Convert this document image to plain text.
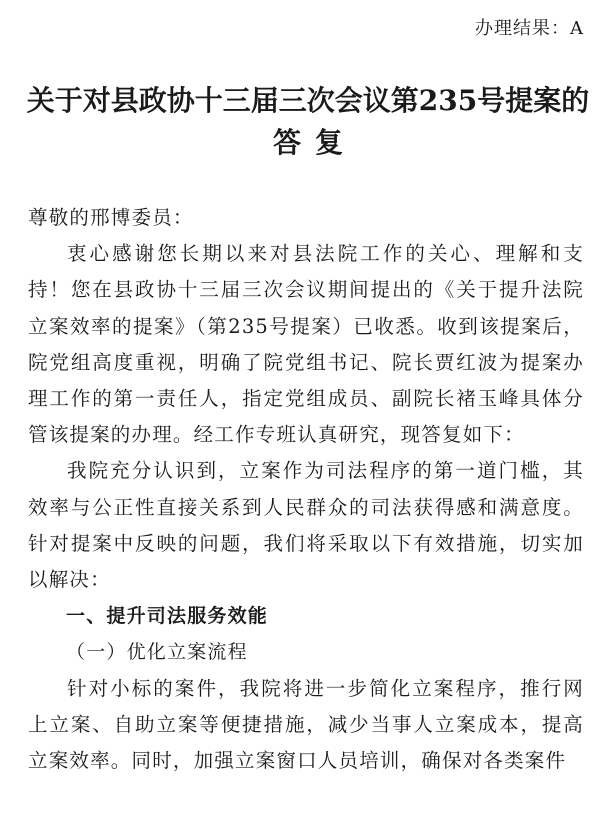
办理结果：A
关于对县政协十三届三次会议第235号提案的
答复

尊敬的邢博委员：

衷心感谢您长期以来对县法院工作的关心、理解和支持！您在县政协十三届三次会议期间提出的《关于提升法院立案效率的提案》（第235号提案）已收悉。收到该提案后，院党组高度重视，明确了院党组书记、院长贾红波为提案办理工作的第一责任人，指定党组成员、副院长褚玉峰具体分管该提案的办理。经工作专班认真研究，现答复如下：

我院充分认识到，立案作为司法程序的第一道门槛，其效率与公正性直接关系到人民群众的司法获得感和满意度。针对提案中反映的问题，我们将采取以下有效措施，切实加以解决：

一、提升司法服务效能

（一）优化立案流程

针对小标的案件，我院将进一步简化立案程序，推行网上立案、自助立案等便捷措施，减少当事人立案成本，提高立案效率。同时，加强立案窗口人员培训，确保对各类案件
